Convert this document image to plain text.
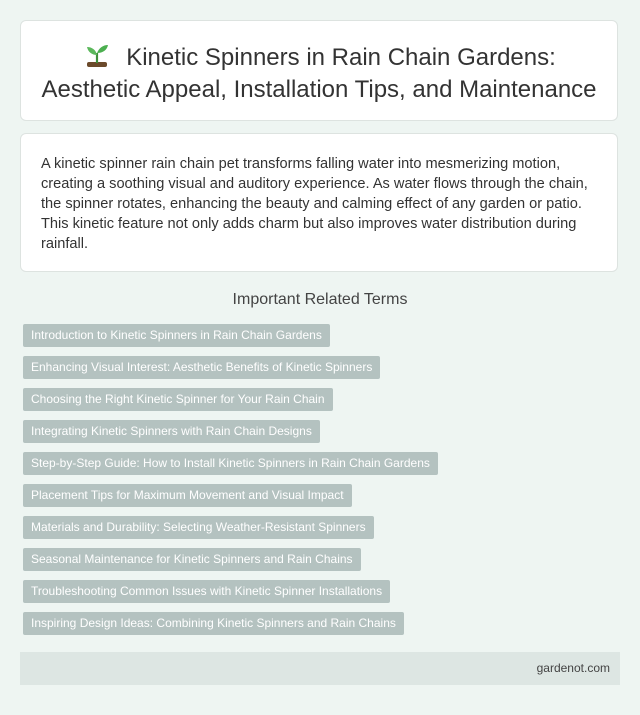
Kinetic Spinners in Rain Chain Gardens: Aesthetic Appeal, Installation Tips, and Maintenance

A kinetic spinner rain chain pet transforms falling water into mesmerizing motion, creating a soothing visual and auditory experience. As water flows through the chain, the spinner rotates, enhancing the beauty and calming effect of any garden or patio. This kinetic feature not only adds charm but also improves water distribution during rainfall.

Important Related Terms
Introduction to Kinetic Spinners in Rain Chain Gardens
Enhancing Visual Interest: Aesthetic Benefits of Kinetic Spinners
Choosing the Right Kinetic Spinner for Your Rain Chain
Integrating Kinetic Spinners with Rain Chain Designs
Step-by-Step Guide: How to Install Kinetic Spinners in Rain Chain Gardens
Placement Tips for Maximum Movement and Visual Impact
Materials and Durability: Selecting Weather-Resistant Spinners
Seasonal Maintenance for Kinetic Spinners and Rain Chains
Troubleshooting Common Issues with Kinetic Spinner Installations
Inspiring Design Ideas: Combining Kinetic Spinners and Rain Chains
gardenot.com
